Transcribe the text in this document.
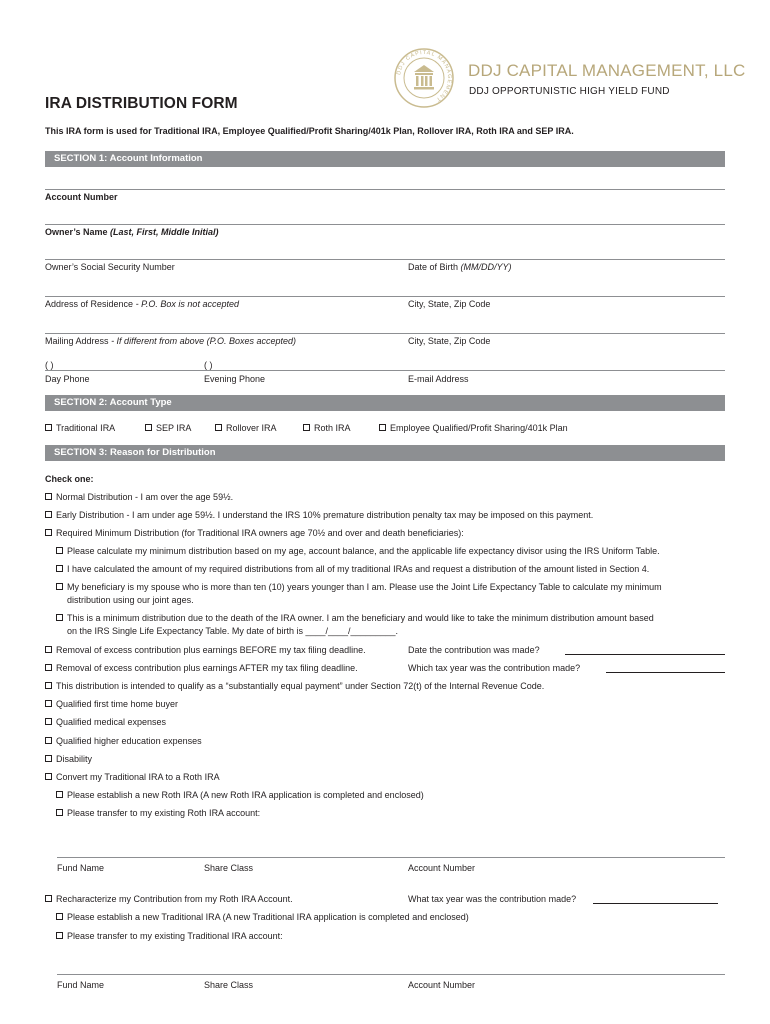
DDJ CAPITAL MANAGEMENT
DDJ CAPITAL MANAGEMENT, LLC
DDJ OPPORTUNISTIC HIGH YIELD FUND
IRA DISTRIBUTION FORM
This IRA form is used for Traditional IRA, Employee Qualified/Profit Sharing/401k Plan, Rollover IRA, Roth IRA and SEP IRA.
SECTION 1: Account Information
Account Number
Owner’s Name (Last, First, Middle Initial)
Owner’s Social Security Number	Date of Birth (MM/DD/YY)
Address of Residence - P.O. Box is not accepted	City, State, Zip Code
Mailing Address - If different from above (P.O. Boxes accepted)	City, State, Zip Code
( )	( )
Day Phone	Evening Phone	E-mail Address
SECTION 2: Account Type
Traditional IRA	SEP IRA	Rollover IRA	Roth IRA	Employee Qualified/Profit Sharing/401k Plan
SECTION 3: Reason for Distribution
Check one:
Normal Distribution - I am over the age 59½.
Early Distribution - I am under age 59½. I understand the IRS 10% premature distribution penalty tax may be imposed on this payment.
Required Minimum Distribution (for Traditional IRA owners age 70½ and over and death beneficiaries):
Please calculate my minimum distribution based on my age, account balance, and the applicable life expectancy divisor using the IRS Uniform Table.
I have calculated the amount of my required distributions from all of my traditional IRAs and request a distribution of the amount listed in Section 4.
My beneficiary is my spouse who is more than ten (10) years younger than I am. Please use the Joint Life Expectancy Table to calculate my minimum
distribution using our joint ages.
This is a minimum distribution due to the death of the IRA owner. I am the beneficiary and would like to take the minimum distribution amount based
on the IRS Single Life Expectancy Table. My date of birth is ____/____/_________.
Removal of excess contribution plus earnings BEFORE my tax filing deadline.	Date the contribution was made?
Removal of excess contribution plus earnings AFTER my tax filing deadline.	Which tax year was the contribution made?
This distribution is intended to qualify as a “substantially equal payment” under Section 72(t) of the Internal Revenue Code.
Qualified first time home buyer
Qualified medical expenses
Qualified higher education expenses
Disability
Convert my Traditional IRA to a Roth IRA
Please establish a new Roth IRA (A new Roth IRA application is completed and enclosed)
Please transfer to my existing Roth IRA account:
Fund Name	Share Class	Account Number
Recharacterize my Contribution from my Roth IRA Account.	What tax year was the contribution made?
Please establish a new Traditional IRA (A new Traditional IRA application is completed and enclosed)
Please transfer to my existing Traditional IRA account:
Fund Name	Share Class	Account Number
